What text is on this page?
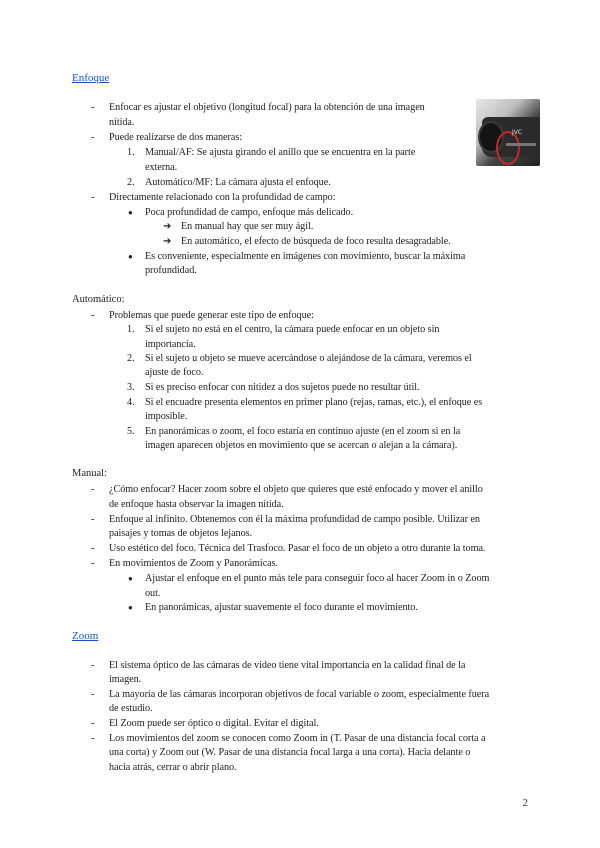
Enfoque
JVC
- Enfocar es ajustar el objetivo (longitud focal) para la obtención de una imagen
nítida.
- Puede realizarse de dos maneras:
1. Manual/AF: Se ajusta girando el anillo que se encuentra en la parte
externa.
2. Automático/MF: La cámara ajusta el enfoque.
- Directamente relacionado con la profundidad de campo:
● Poca profundidad de campo, enfoque más delicado.
➔ En manual hay que ser muy ágil.
➔ En automático, el efecto de búsqueda de foco resulta desagradable.
● Es conveniente, especialmente en imágenes con movimiento, buscar la máxima
profundidad.
Automático:
- Problemas que puede generar este tipo de enfoque:
1. Si el sujeto no está en el centro, la cámara puede enfocar en un objeto sin
importancia.
2. Si el sujeto u objeto se mueve acercándose o alejándose de la cámara, veremos el
ajuste de foco.
3. Si es preciso enfocar con nitidez a dos sujetos puede no resultar útil.
4. Si el encuadre presenta elementos en primer plano (rejas, ramas, etc.), el enfoque es
imposible.
5. En panorámicas o zoom, el foco estaría en continuo ajuste (en el zoom si en la
imagen aparecen objetos en movimiento que se acercan o alejan a la cámara).
Manual:
- ¿Cómo enfocar? Hacer zoom sobre el objeto que quieres que esté enfocado y mover el anillo
de enfoque hasta observar la imagen nítida.
- Enfoque al infinito. Obtenemos con él la máxima profundidad de campo posible. Utilizar en
paisajes y tomas de objetos lejanos.
- Uso estético del foco. Técnica del Trasfoco. Pasar el foco de un objeto a otro durante la toma.
- En movimientos de Zoom y Panorámicas.
● Ajustar el enfoque en el punto más tele para conseguir foco al hacer Zoom in o Zoom
out.
● En panorámicas, ajustar suavemente el foco durante el movimiento.
Zoom
- El sistema óptico de las cámaras de video tiene vital importancia en la calidad final de la
imagen.
- La mayoría de las cámaras incorporan objetivos de focal variable o zoom, especialmente fuera
de estudio.
- El Zoom puede ser óptico o digital. Evitar el digital.
- Los movimientos del zoom se conocen como Zoom in (T. Pasar de una distancia focal corta a
una corta) y Zoom out (W. Pasar de una distancia focal larga a una corta). Hacia delante o
hacia atrás, cerrar o abrir plano.
2
